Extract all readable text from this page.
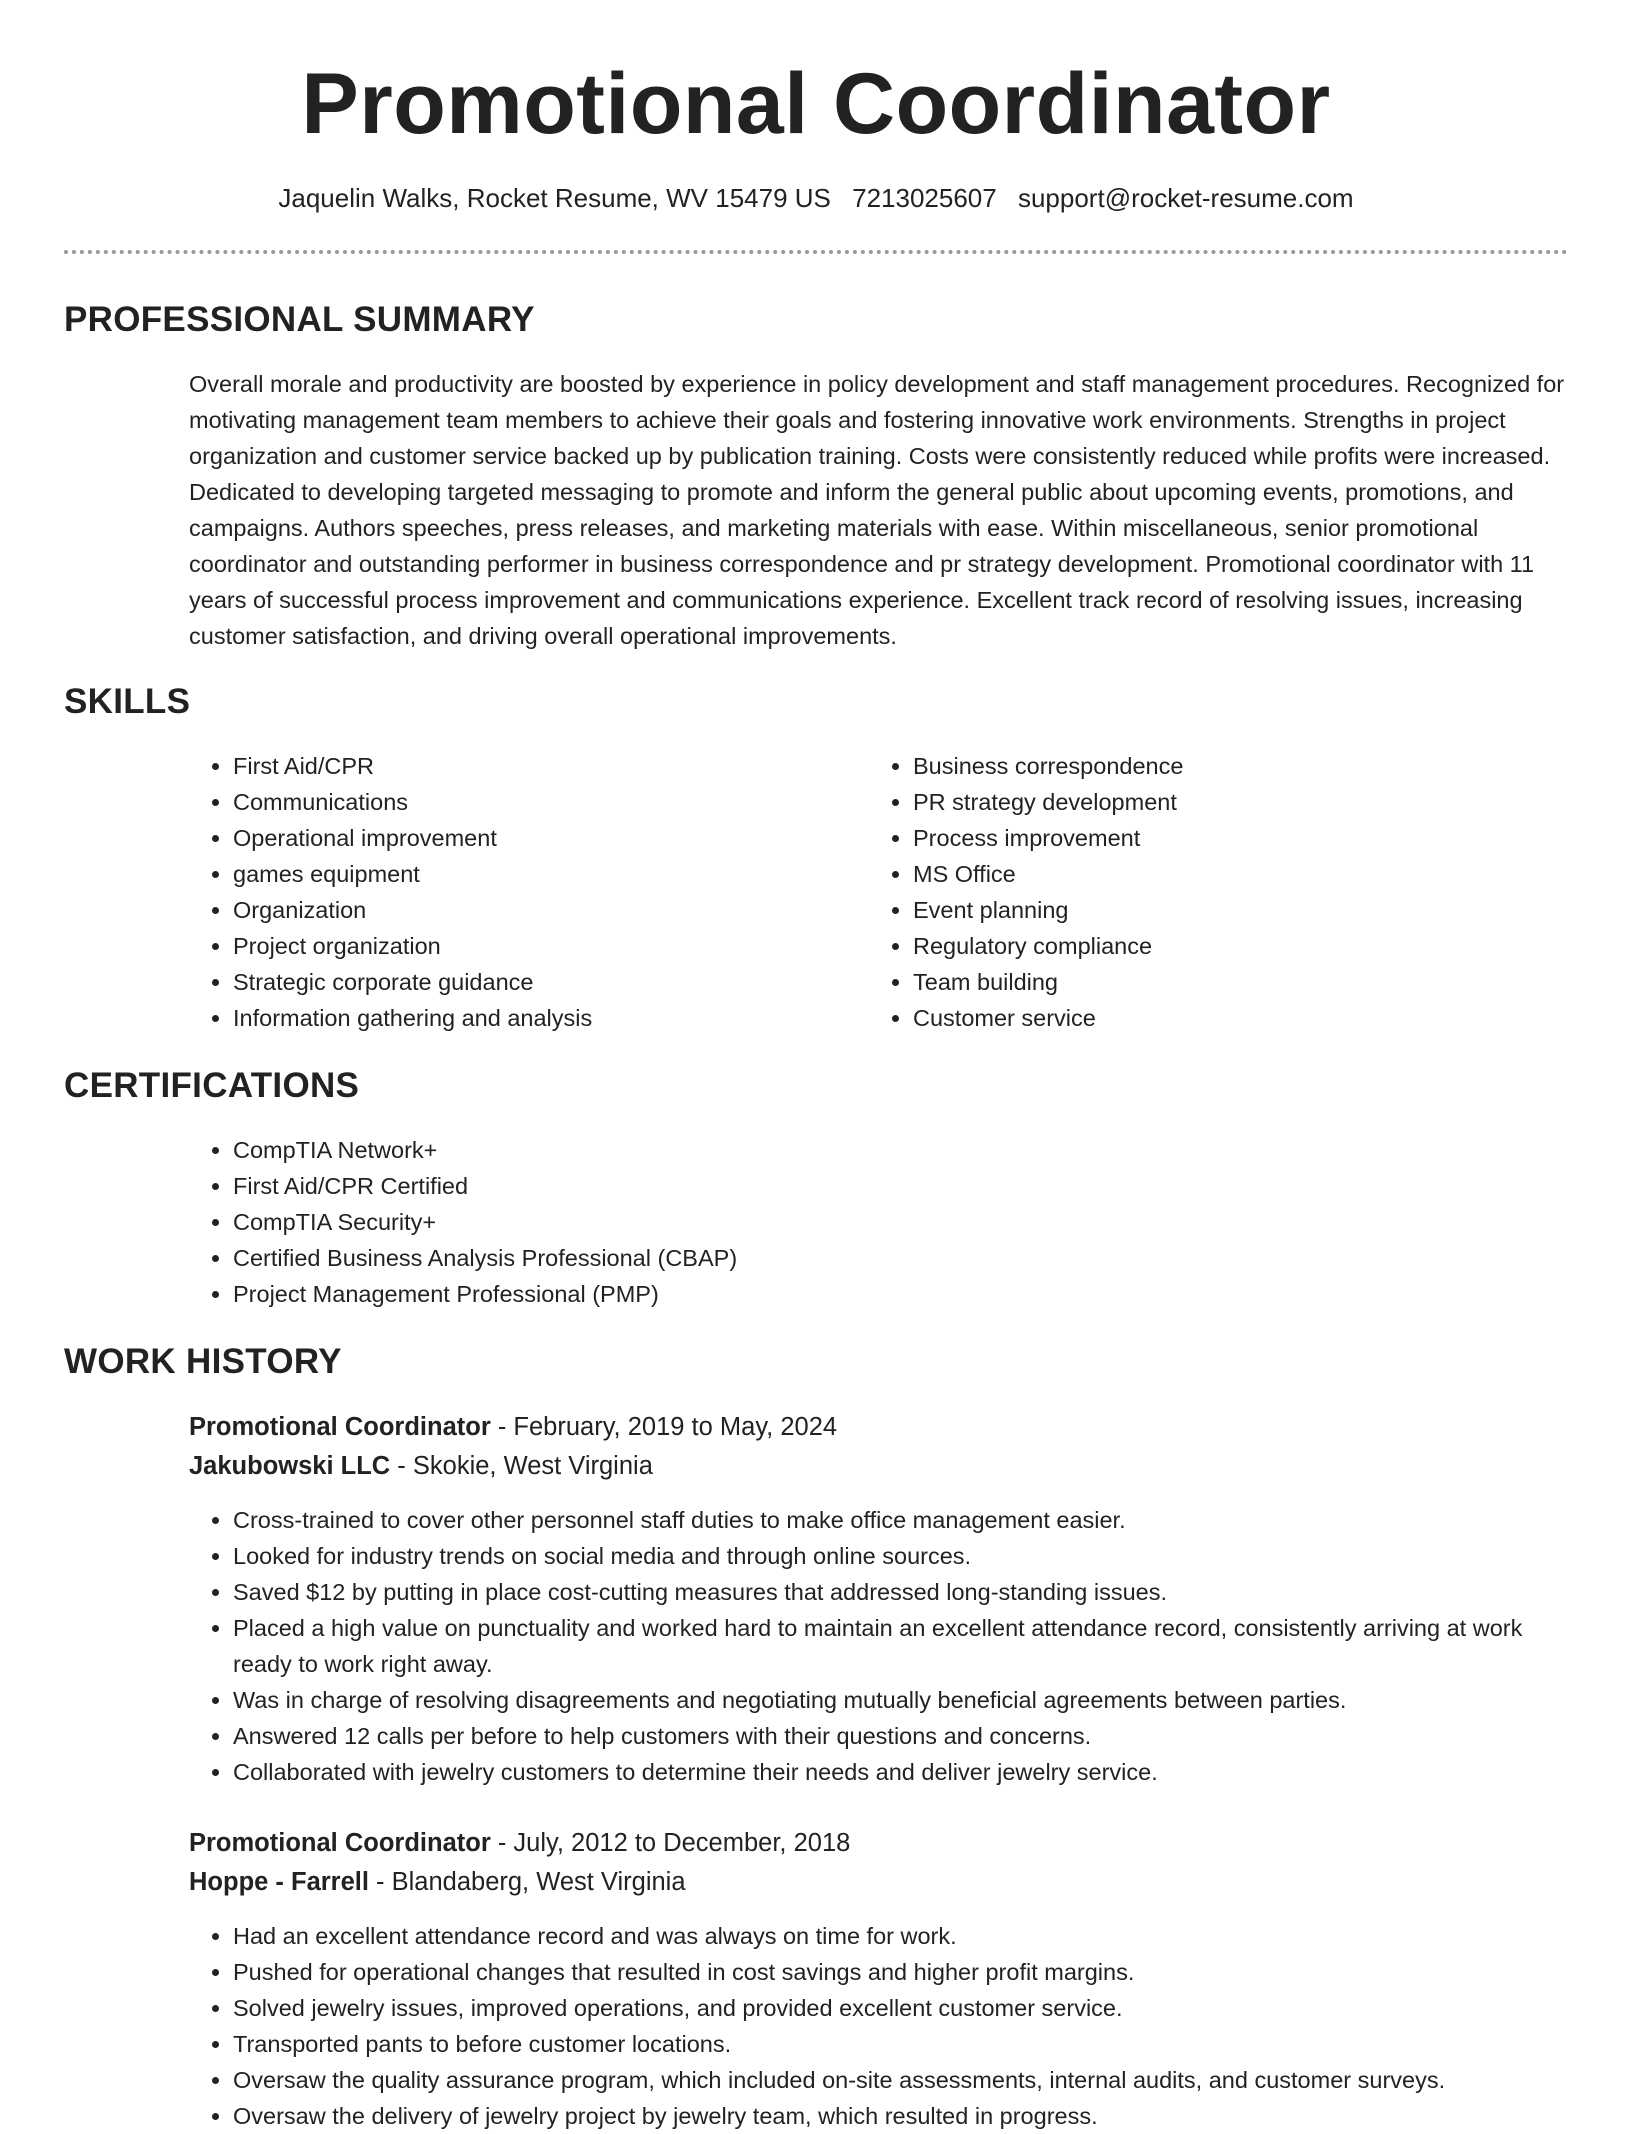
Promotional Coordinator
Jaquelin Walks, Rocket Resume, WV 15479 US 7213025607 support@rocket-resume.com
PROFESSIONAL SUMMARY

Overall morale and productivity are boosted by experience in policy development and staff management procedures. Recognized for motivating management team members to achieve their goals and fostering innovative work environments. Strengths in project organization and customer service backed up by publication training. Costs were consistently reduced while profits were increased. Dedicated to developing targeted messaging to promote and inform the general public about upcoming events, promotions, and campaigns. Authors speeches, press releases, and marketing materials with ease. Within miscellaneous, senior promotional coordinator and outstanding performer in business correspondence and pr strategy development. Promotional coordinator with 11 years of successful process improvement and communications experience. Excellent track record of resolving issues, increasing customer satisfaction, and driving overall operational improvements.

SKILLS
• First Aid/CPR
• Communications
• Operational improvement
• games equipment
• Organization
• Project organization
• Strategic corporate guidance
• Information gathering and analysis
• Business correspondence
• PR strategy development
• Process improvement
• MS Office
• Event planning
• Regulatory compliance
• Team building
• Customer service
CERTIFICATIONS
• CompTIA Network+
• First Aid/CPR Certified
• CompTIA Security+
• Certified Business Analysis Professional (CBAP)
• Project Management Professional (PMP)
WORK HISTORY
Promotional Coordinator - February, 2019 to May, 2024
Jakubowski LLC - Skokie, West Virginia
• Cross-trained to cover other personnel staff duties to make office management easier.
• Looked for industry trends on social media and through online sources.
• Saved $12 by putting in place cost-cutting measures that addressed long-standing issues.
• Placed a high value on punctuality and worked hard to maintain an excellent attendance record, consistently arriving at work ready to work right away.
• Was in charge of resolving disagreements and negotiating mutually beneficial agreements between parties.
• Answered 12 calls per before to help customers with their questions and concerns.
• Collaborated with jewelry customers to determine their needs and deliver jewelry service.
Promotional Coordinator - July, 2012 to December, 2018
Hoppe - Farrell - Blandaberg, West Virginia
• Had an excellent attendance record and was always on time for work.
• Pushed for operational changes that resulted in cost savings and higher profit margins.
• Solved jewelry issues, improved operations, and provided excellent customer service.
• Transported pants to before customer locations.
• Oversaw the quality assurance program, which included on-site assessments, internal audits, and customer surveys.
• Oversaw the delivery of jewelry project by jewelry team, which resulted in progress.
